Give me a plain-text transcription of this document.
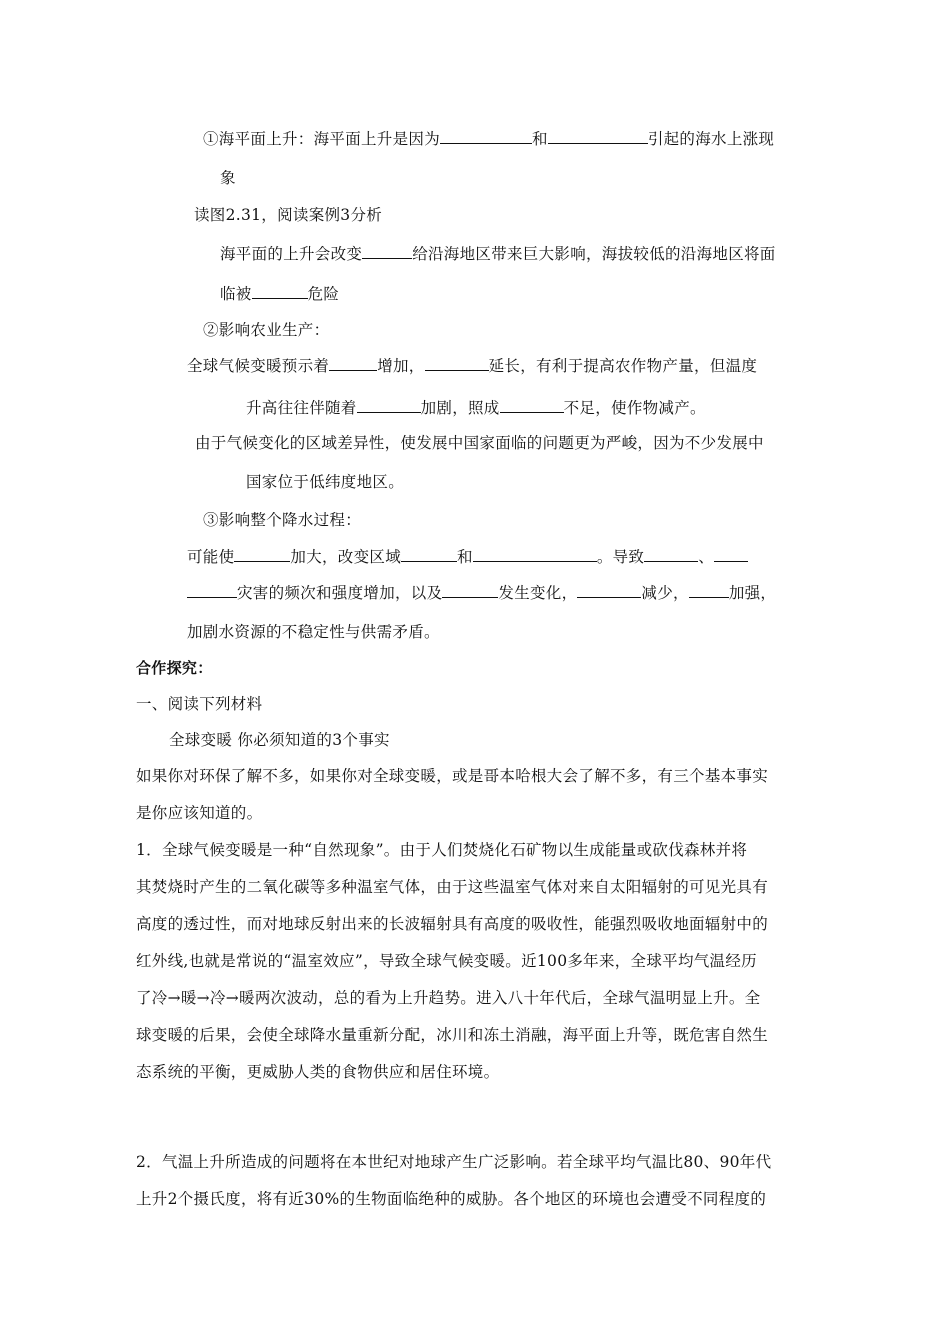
①海平面上升：海平面上升是因为	和	引起的海水上涨现
象
读图2.31，阅读案例3分析
海平面的上升会改变	给沿海地区带来巨大影响，海拔较低的沿海地区将面
临被	危险
②影响农业生产：
全球气候变暖预示着	增加，	延长，有利于提高农作物产量，但温度
升高往往伴随着	加剧，照成	不足，使作物减产。
由于气候变化的区域差异性，使发展中国家面临的问题更为严峻，因为不少发展中
国家位于低纬度地区。
③影响整个降水过程：
可能使	加大，改变区域	和	。导致	、
灾害的频次和强度增加，以及	发生变化，	减少，	加强，
加剧水资源的不稳定性与供需矛盾。
合作探究：
一、阅读下列材料
全球变暖 你必须知道的3个事实
如果你对环保了解不多，如果你对全球变暖，或是哥本哈根大会了解不多，有三个基本事实
是你应该知道的。
1．全球气候变暖是一种“自然现象”。由于人们焚烧化石矿物以生成能量或砍伐森林并将
其焚烧时产生的二氧化碳等多种温室气体，由于这些温室气体对来自太阳辐射的可见光具有
高度的透过性，而对地球反射出来的长波辐射具有高度的吸收性，能强烈吸收地面辐射中的
红外线,也就是常说的“温室效应”，导致全球气候变暖。近100多年来，全球平均气温经历
了冷→暖→冷→暖两次波动，总的看为上升趋势。进入八十年代后，全球气温明显上升。全
球变暖的后果，会使全球降水量重新分配，冰川和冻土消融，海平面上升等，既危害自然生
态系统的平衡，更威胁人类的食物供应和居住环境。
2．气温上升所造成的问题将在本世纪对地球产生广泛影响。若全球平均气温比80、90年代
上升2个摄氏度，将有近30%的生物面临绝种的威胁。各个地区的环境也会遭受不同程度的
